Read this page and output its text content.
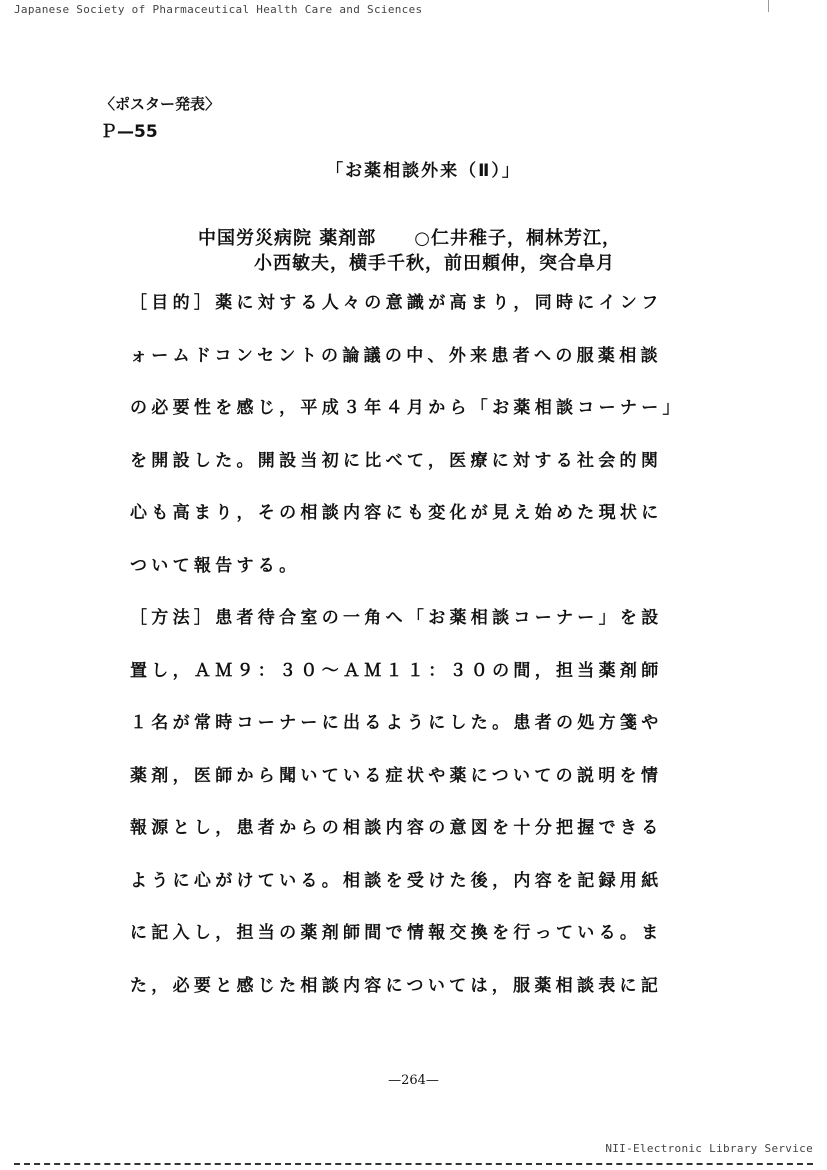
Japanese Society of Pharmaceutical Health Care and Sciences
〈ポスター発表〉
Ｐ—55
「お薬相談外来（Ⅱ）」
中国労災病院 薬剤部　　○仁井稚子，桐林芳江，
小西敏夫，横手千秋，前田頼伸，突合阜月
［目的］薬に対する人々の意識が高まり，同時にインフ
ォームドコンセントの論議の中、外来患者への服薬相談
の必要性を感じ，平成３年４月から「お薬相談コーナー」
を開設した。開設当初に比べて，医療に対する社会的関
心も高まり，その相談内容にも変化が見え始めた現状に
ついて報告する。
［方法］患者待合室の一角へ「お薬相談コーナー」を設
置し，ＡＭ９：３０～ＡＭ１１：３０の間，担当薬剤師
１名が常時コーナーに出るようにした。患者の処方箋や
薬剤，医師から聞いている症状や薬についての説明を情
報源とし，患者からの相談内容の意図を十分把握できる
ように心がけている。相談を受けた後，内容を記録用紙
に記入し，担当の薬剤師間で情報交換を行っている。ま
た，必要と感じた相談内容については，服薬相談表に記
—264—
NII-Electronic Library Service
